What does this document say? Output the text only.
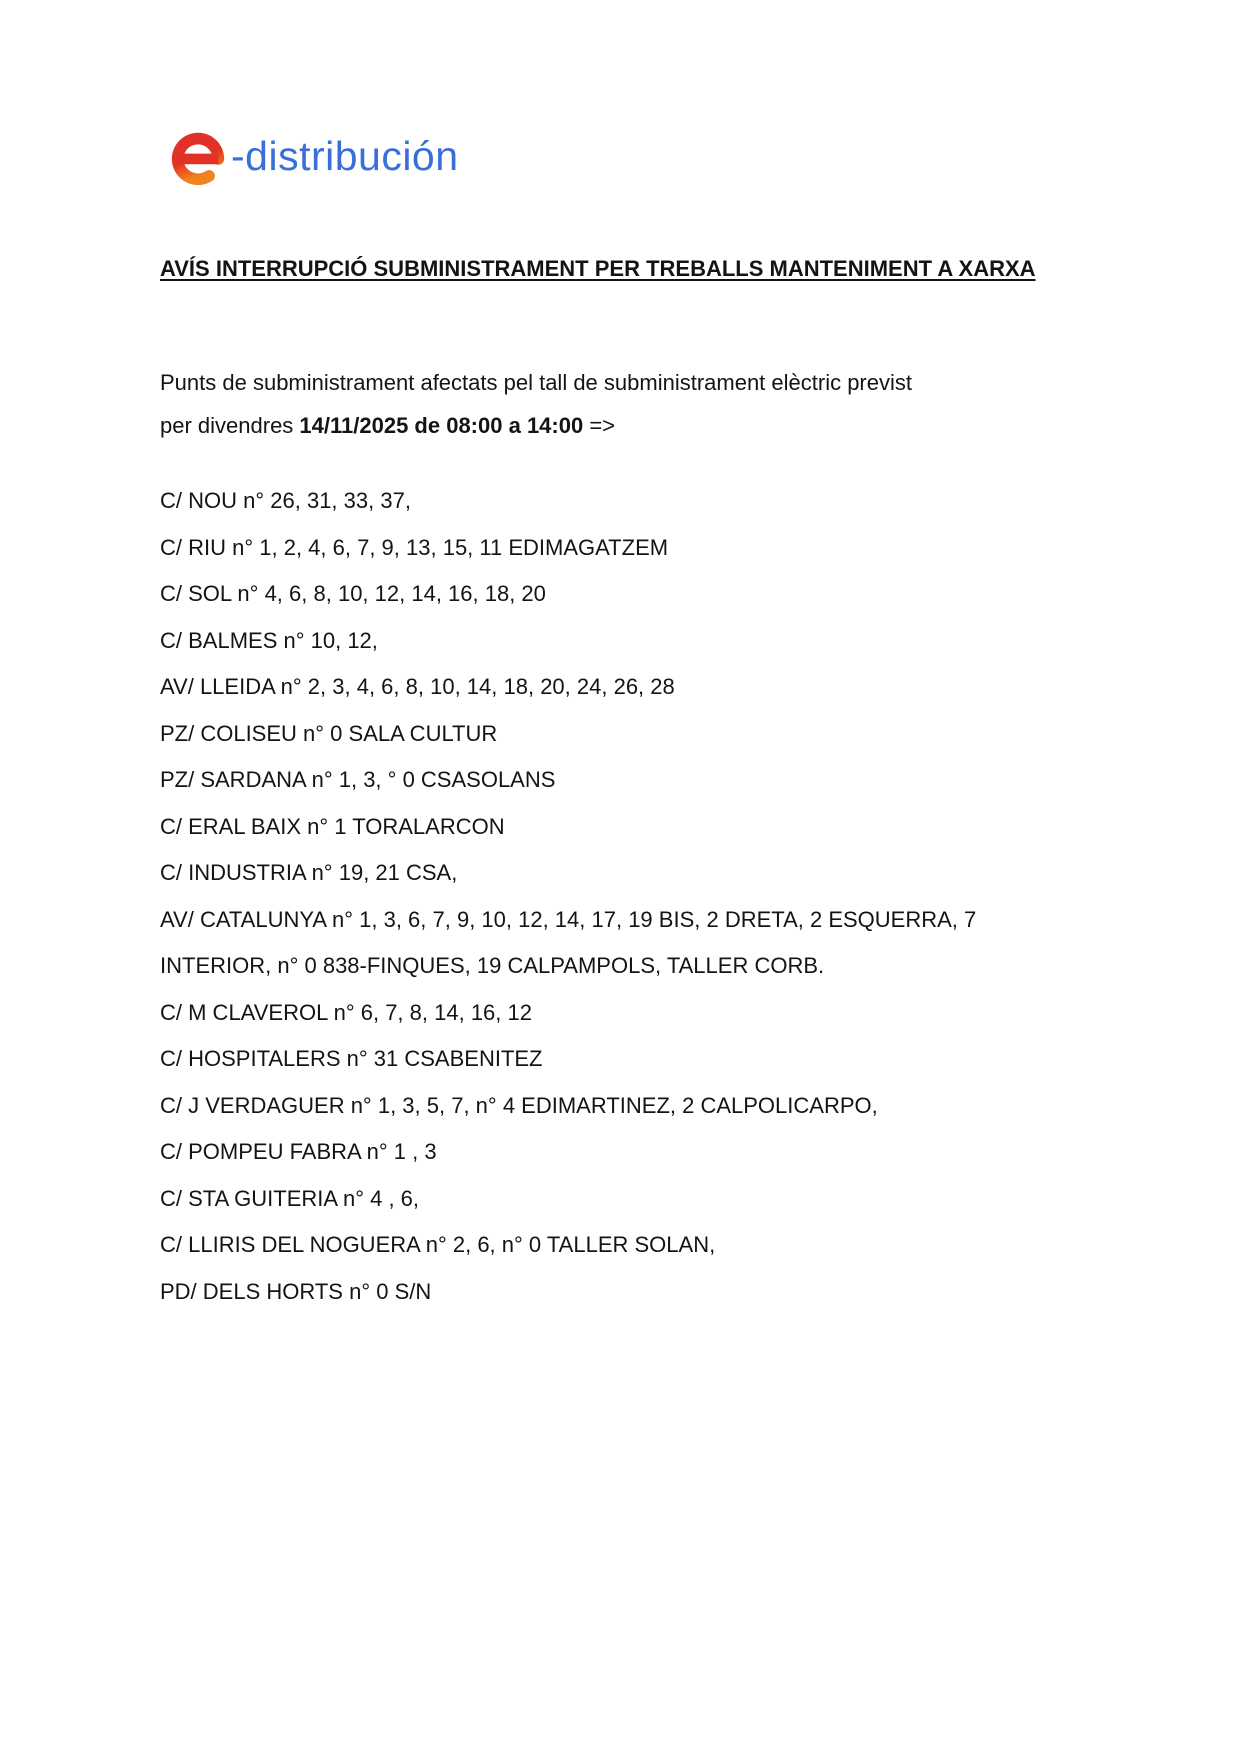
-distribución
AVÍS INTERRUPCIÓ SUBMINISTRAMENT PER TREBALLS MANTENIMENT A XARXA
Punts de subministrament afectats pel tall de subministrament elèctric previst
per divendres 14/11/2025 de 08:00 a 14:00 =>
C/ NOU n° 26, 31, 33, 37,
C/ RIU n° 1, 2, 4, 6, 7, 9, 13, 15, 11 EDIMAGATZEM
C/ SOL n° 4, 6, 8, 10, 12, 14, 16, 18, 20
C/ BALMES n° 10, 12,
AV/ LLEIDA n° 2, 3, 4, 6, 8, 10, 14, 18, 20, 24, 26, 28
PZ/ COLISEU n° 0 SALA CULTUR
PZ/ SARDANA n° 1, 3, ° 0 CSASOLANS
C/ ERAL BAIX n° 1 TORALARCON
C/ INDUSTRIA n° 19, 21 CSA,
AV/ CATALUNYA n° 1, 3, 6, 7, 9, 10, 12, 14, 17, 19 BIS, 2 DRETA, 2 ESQUERRA, 7
INTERIOR, n° 0 838-FINQUES, 19 CALPAMPOLS, TALLER CORB.
C/ M CLAVEROL n° 6, 7, 8, 14, 16, 12
C/ HOSPITALERS n° 31 CSABENITEZ
C/ J VERDAGUER n° 1, 3, 5, 7, n° 4 EDIMARTINEZ, 2 CALPOLICARPO,
C/ POMPEU FABRA n° 1 , 3
C/ STA GUITERIA n° 4 , 6,
C/ LLIRIS DEL NOGUERA n° 2, 6, n° 0 TALLER SOLAN,
PD/ DELS HORTS n° 0 S/N
